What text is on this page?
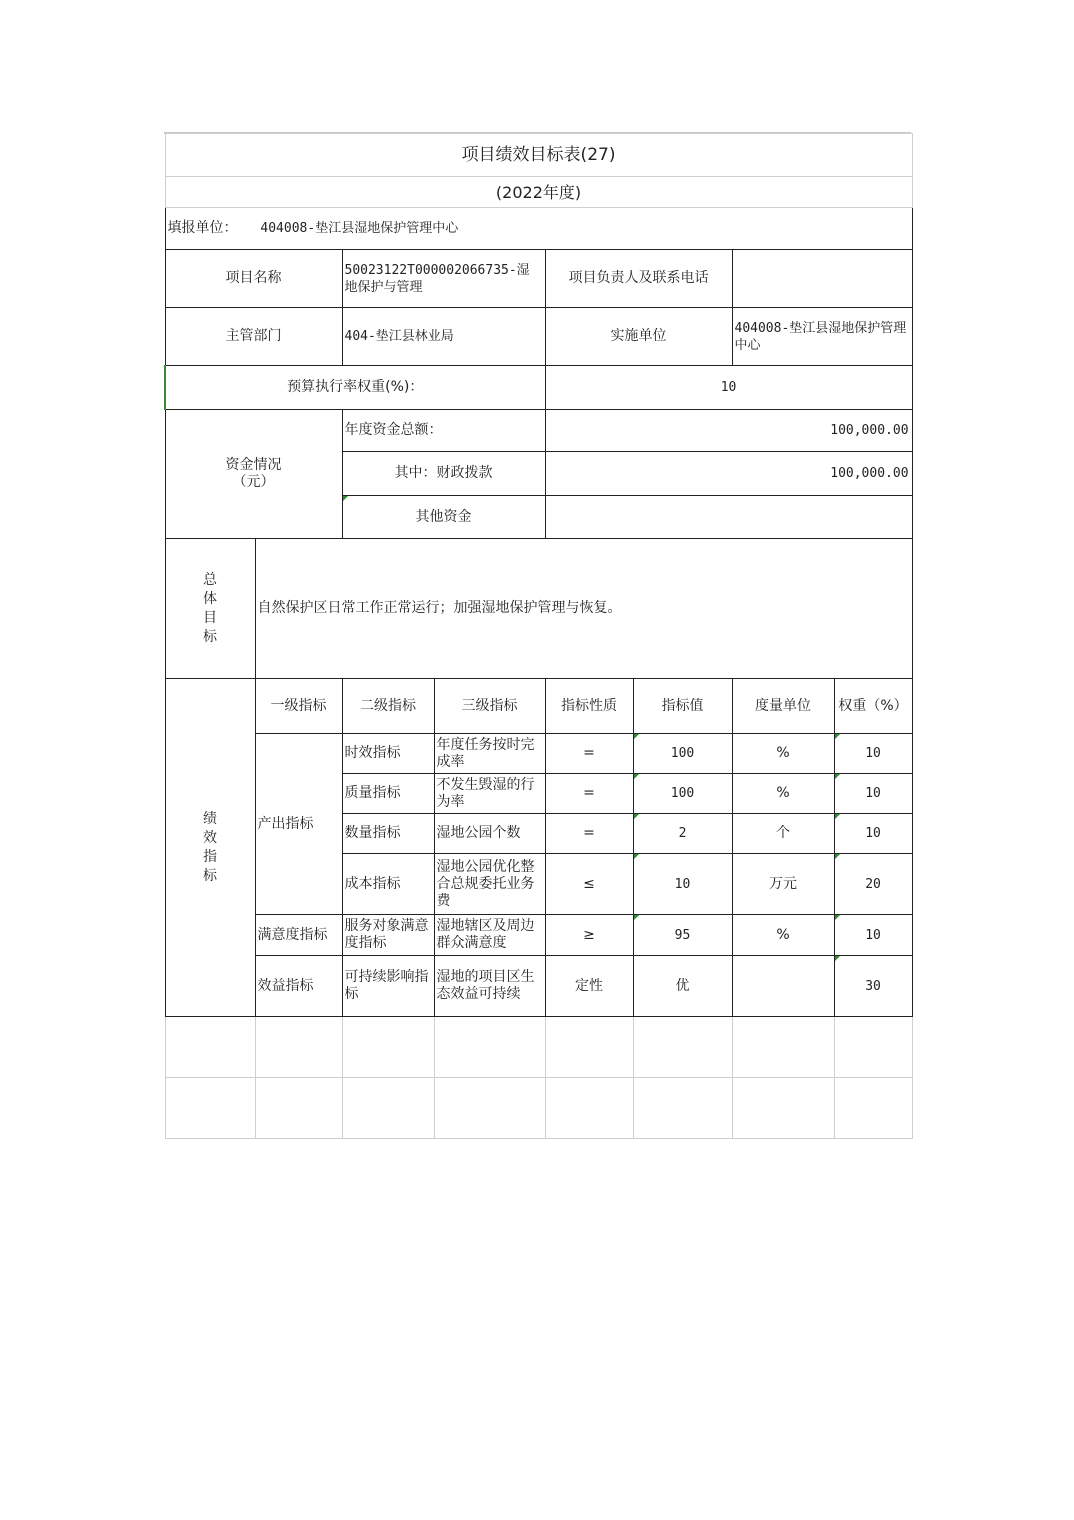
项目绩效目标表(27)							
(2022年度)							
填报单位： 404008-垫江县湿地保护管理中心							
项目名称		50023122T000002066735-湿地保护与管理		项目负责人及联系电话			
主管部门		404-垫江县林业局		实施单位		404008-垫江县湿地保护管理中心	
预算执行率权重(%)：				10			
资金情况
（元）		年度资金总额：		100,000.00			
		其中：财政拨款		100,000.00			
		其他资金					
总
体
目
标	自然保护区日常工作正常运行；加强湿地保护管理与恢复。						
绩
效
指
标	一级指标	二级指标	三级指标	指标性质	指标值	度量单位	权重（%）
	产出指标	时效指标	年度任务按时完成率	=	100	%	10
		质量指标	不发生毁湿的行为率	=	100	%	10
		数量指标	湿地公园个数	=	2	个	10
		成本指标	湿地公园优化整合总规委托业务费	≤	10	万元	20
	满意度指标	服务对象满意度指标	湿地辖区及周边群众满意度	≥	95	%	10
	效益指标	可持续影响指标	湿地的项目区生态效益可持续	定性	优		30
